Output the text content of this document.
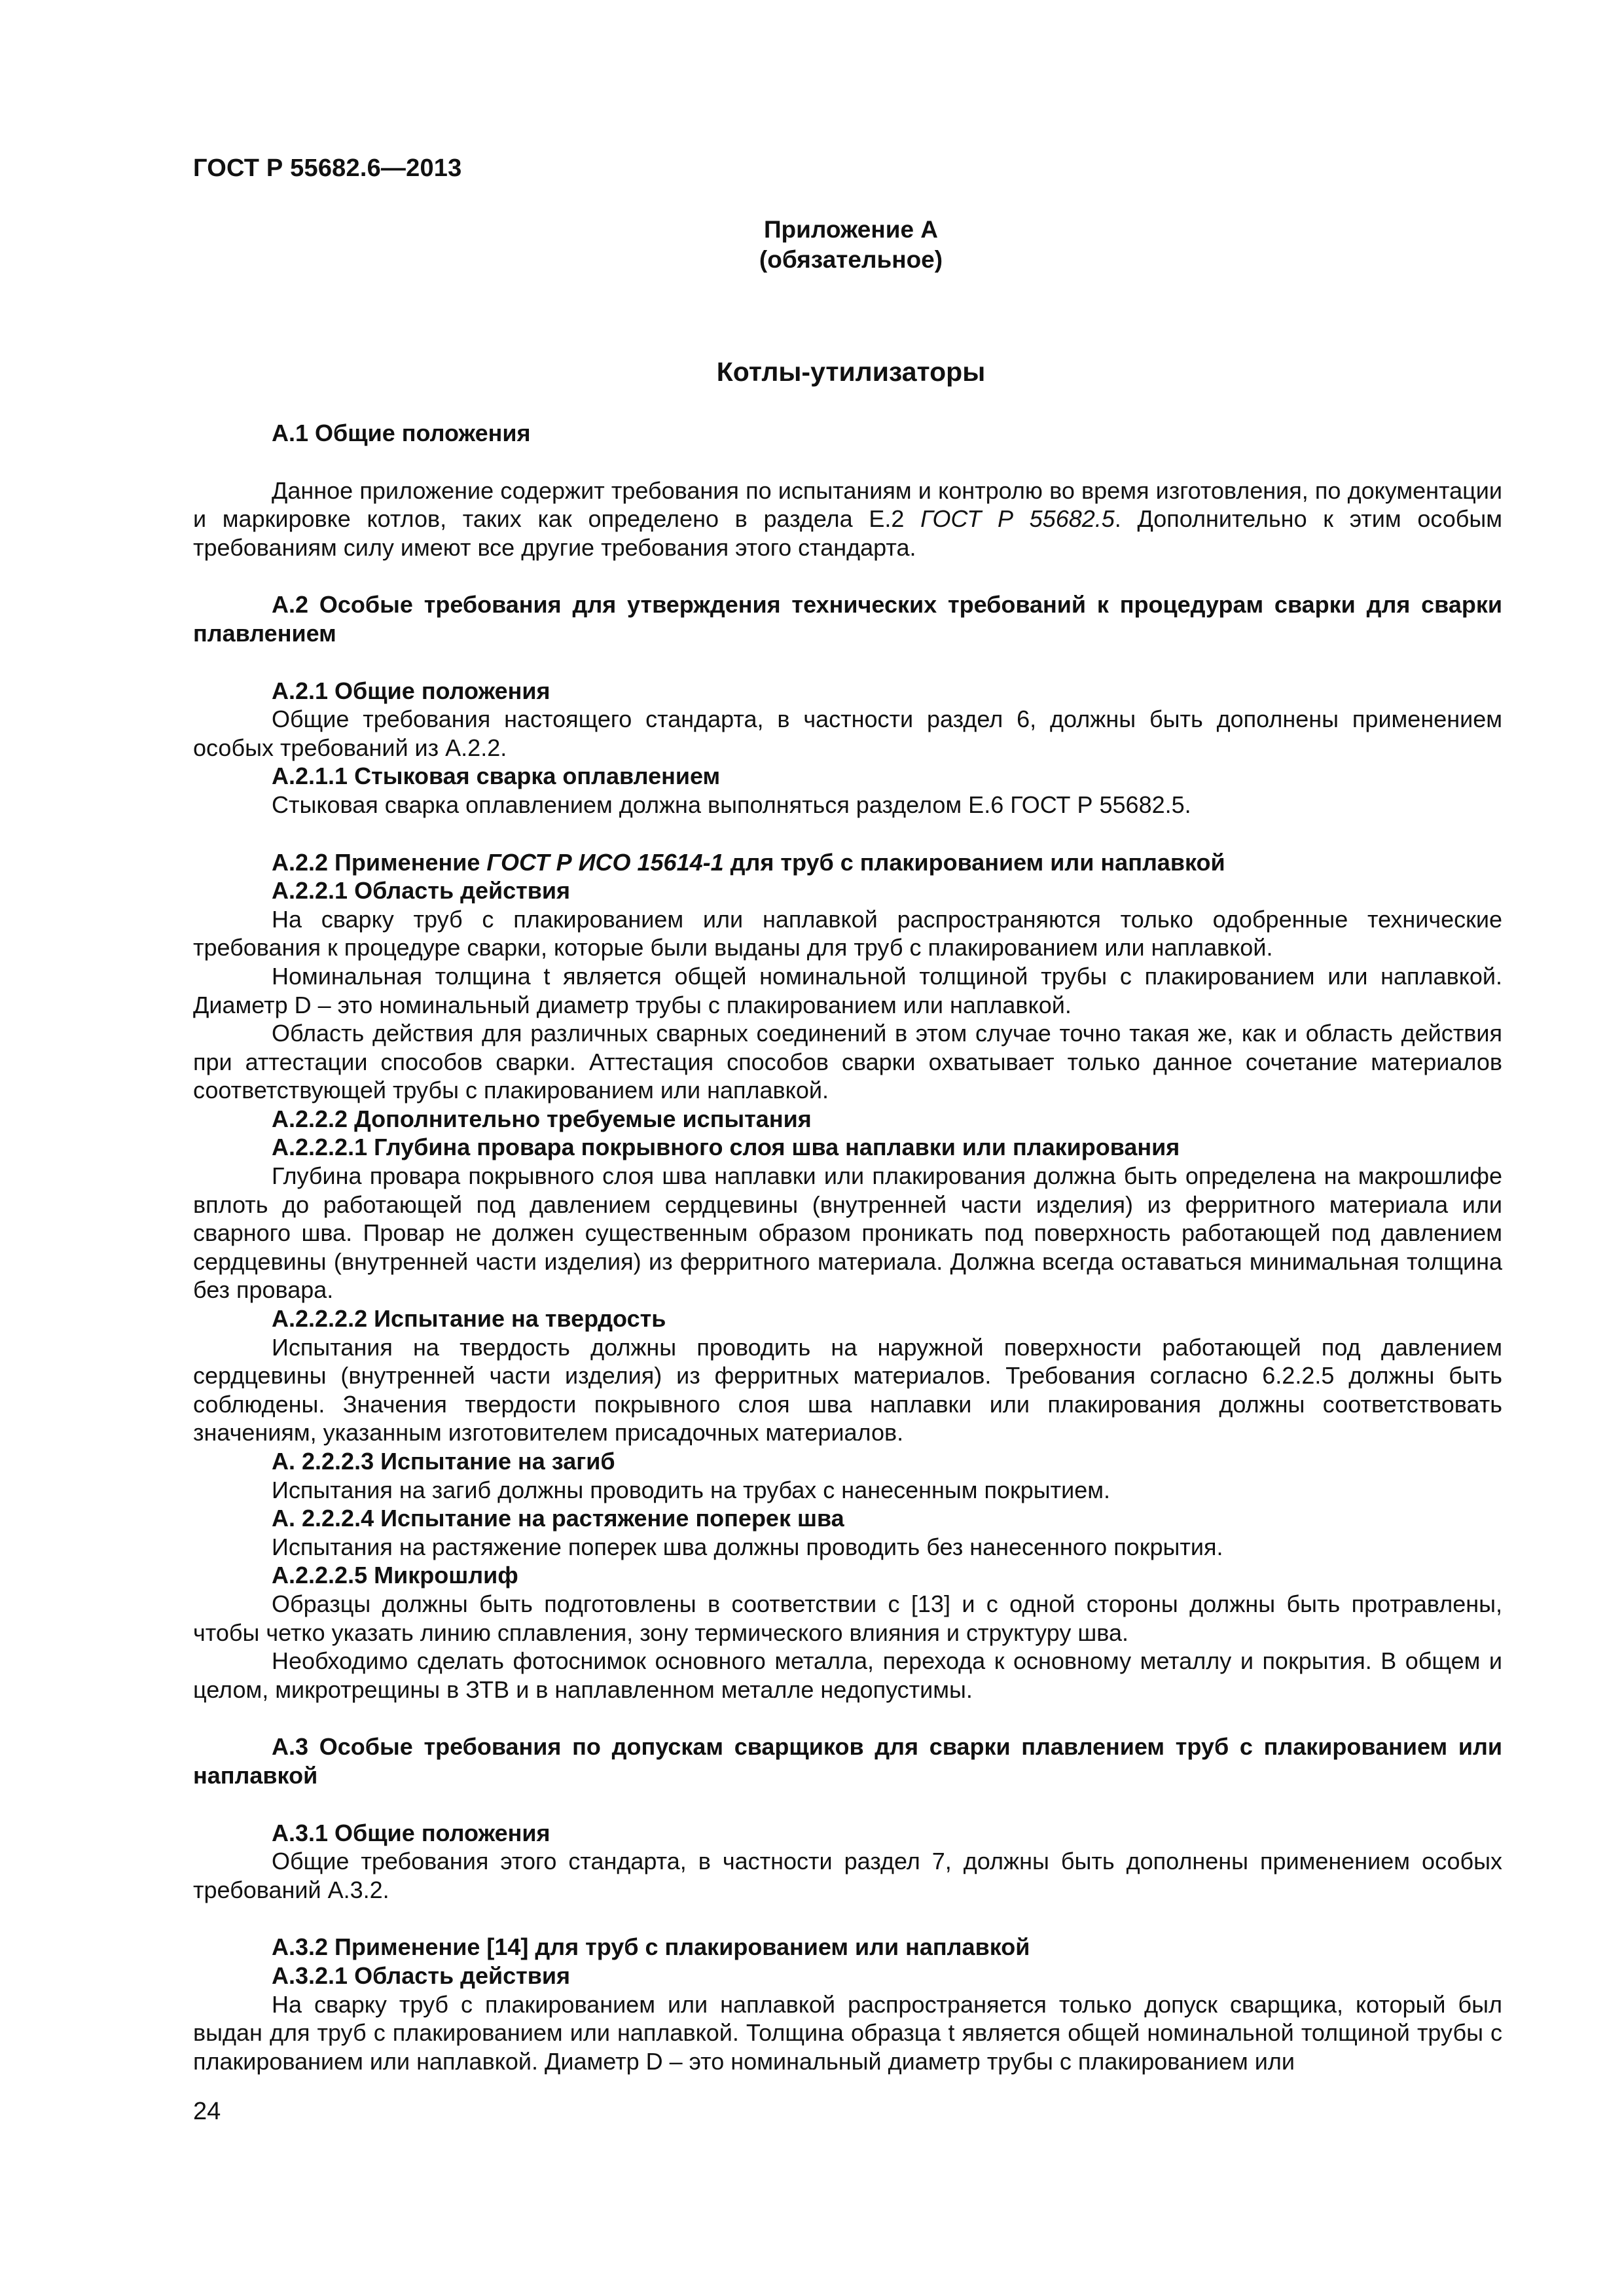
ГОСТ Р 55682.6—2013
Приложение А
(обязательное)
Котлы-утилизаторы

А.1 Общие положения

Данное приложение содержит требования по испытаниям и контролю во время изготовления, по документации и маркировке котлов, таких как определено в раздела Е.2 ГОСТ Р 55682.5. Дополнительно к этим особым требованиям силу имеют все другие требования этого стандарта.

А.2 Особые требования для утверждения технических требований к процедурам сварки для сварки плавлением

А.2.1 Общие положения

Общие требования настоящего стандарта, в частности раздел 6, должны быть дополнены применением особых требований из А.2.2.

А.2.1.1 Стыковая сварка оплавлением

Стыковая сварка оплавлением должна выполняться разделом Е.6 ГОСТ Р 55682.5.

А.2.2 Применение ГОСТ Р ИСО 15614-1 для труб с плакированием или наплавкой

А.2.2.1 Область действия

На сварку труб с плакированием или наплавкой распространяются только одобренные технические требования к процедуре сварки, которые были выданы для труб с плакированием или наплавкой.

Номинальная толщина t является общей номинальной толщиной трубы с плакированием или наплавкой. Диаметр D – это номинальный диаметр трубы с плакированием или наплавкой.

Область действия для различных сварных соединений в этом случае точно такая же, как и область действия при аттестации способов сварки. Аттестация способов сварки охватывает только данное сочетание материалов соответствующей трубы с плакированием или наплавкой.

А.2.2.2 Дополнительно требуемые испытания

А.2.2.2.1 Глубина провара покрывного слоя шва наплавки или плакирования

Глубина провара покрывного слоя шва наплавки или плакирования должна быть определена на макрошлифе вплоть до работающей под давлением сердцевины (внутренней части изделия) из ферритного материала или сварного шва. Провар не должен существенным образом проникать под поверхность работающей под давлением сердцевины (внутренней части изделия) из ферритного материала. Должна всегда оставаться минимальная толщина без провара.

А.2.2.2.2 Испытание на твердость

Испытания на твердость должны проводить на наружной поверхности работающей под давлением сердцевины (внутренней части изделия) из ферритных материалов. Требования согласно 6.2.2.5 должны быть соблюдены. Значения твердости покрывного слоя шва наплавки или плакирования должны соответствовать значениям, указанным изготовителем присадочных материалов.

А. 2.2.2.3 Испытание на загиб

Испытания на загиб должны проводить на трубах с нанесенным покрытием.

А. 2.2.2.4 Испытание на растяжение поперек шва

Испытания на растяжение поперек шва должны проводить без нанесенного покрытия.

А.2.2.2.5 Микрошлиф

Образцы должны быть подготовлены в соответствии с [13] и с одной стороны должны быть протравлены, чтобы четко указать линию сплавления, зону термического влияния и структуру шва.

Необходимо сделать фотоснимок основного металла, перехода к основному металлу и покрытия. В общем и целом, микротрещины в ЗТВ и в наплавленном металле недопустимы.

А.3 Особые требования по допускам сварщиков для сварки плавлением труб с плакированием или наплавкой

А.3.1 Общие положения

Общие требования этого стандарта, в частности раздел 7, должны быть дополнены применением особых требований А.3.2.

А.3.2 Применение [14] для труб с плакированием или наплавкой

А.3.2.1 Область действия

На сварку труб с плакированием или наплавкой распространяется только допуск сварщика, который был выдан для труб с плакированием или наплавкой. Толщина образца t является общей номинальной толщиной трубы с плакированием или наплавкой. Диаметр D – это номинальный диаметр трубы с плакированием или

24
